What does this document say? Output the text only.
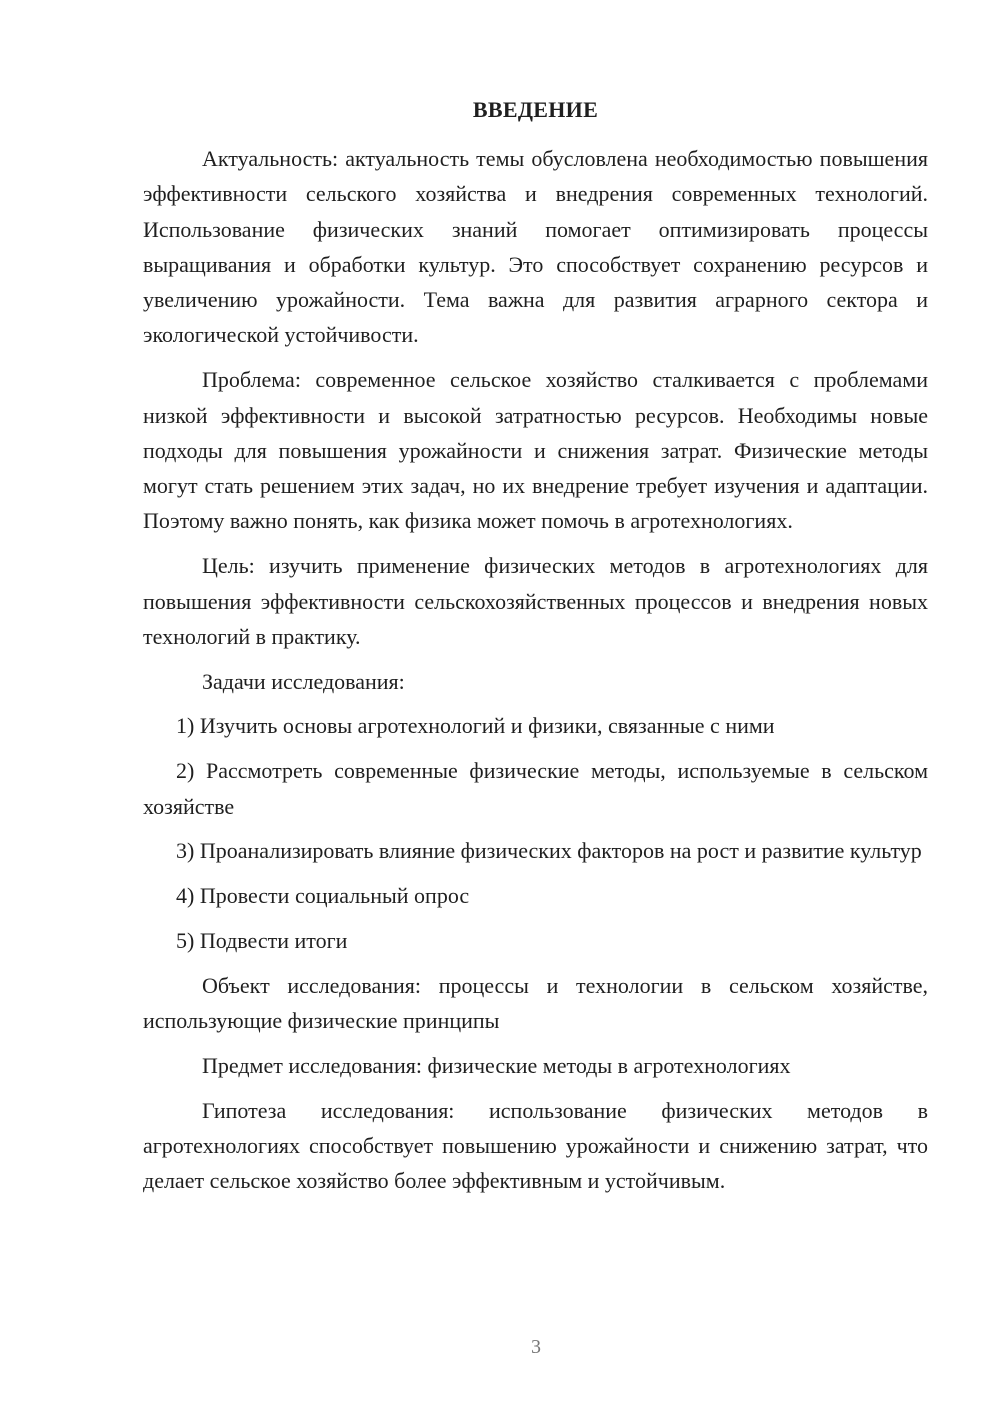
ВВЕДЕНИЕ

Актуальность: актуальность темы обусловлена необходимостью повышения эффективности сельского хозяйства и внедрения современных технологий. Использование физических знаний помогает оптимизировать процессы выращивания и обработки культур. Это способствует сохранению ресурсов и увеличению урожайности. Тема важна для развития аграрного сектора и экологической устойчивости.

Проблема: современное сельское хозяйство сталкивается с проблемами низкой эффективности и высокой затратностью ресурсов. Необходимы новые подходы для повышения урожайности и снижения затрат. Физические методы могут стать решением этих задач, но их внедрение требует изучения и адаптации. Поэтому важно понять, как физика может помочь в агротехнологиях.

Цель: изучить применение физических методов в агротехнологиях для повышения эффективности сельскохозяйственных процессов и внедрения новых технологий в практику.

Задачи исследования:

1) Изучить основы агротехнологий и физики, связанные с ними

2) Рассмотреть современные физические методы, используемые в сельском хозяйстве

3) Проанализировать влияние физических факторов на рост и развитие культур

4) Провести социальный опрос

5) Подвести итоги

Объект исследования: процессы и технологии в сельском хозяйстве, использующие физические принципы

Предмет исследования: физические методы в агротехнологиях

Гипотеза исследования: использование физических методов в агротехнологиях способствует повышению урожайности и снижению затрат, что делает сельское хозяйство более эффективным и устойчивым.

3
